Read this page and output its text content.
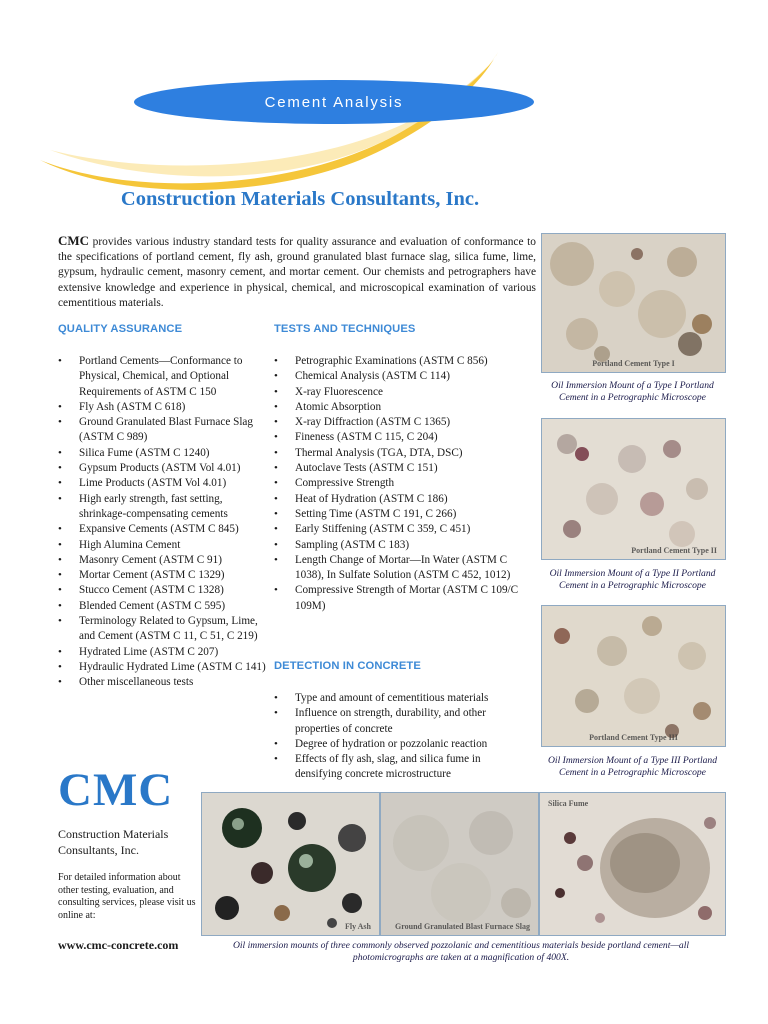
Cement Analysis
Construction Materials Consultants, Inc.
CMC provides various industry standard tests for quality assurance and evaluation of conformance to the specifications of portland cement, fly ash, ground granulated blast furnace slag, silica fume, lime, gypsum, hydraulic cement, masonry cement, and mortar cement. Our chemists and petrographers have extensive knowledge and experience in physical, chemical, and microscopical examination of various cementitious materials.
QUALITY ASSURANCE
• Portland Cements—Conformance to Physical, Chemical, and Optional Requirements of ASTM C 150
• Fly Ash (ASTM C 618)
• Ground Granulated Blast Furnace Slag (ASTM C 989)
• Silica Fume (ASTM C 1240)
• Gypsum Products (ASTM Vol 4.01)
• Lime Products (ASTM Vol 4.01)
• High early strength, fast setting, shrinkage-compensating cements
• Expansive Cements (ASTM C 845)
• High Alumina Cement
• Masonry Cement (ASTM C 91)
• Mortar Cement (ASTM C 1329)
• Stucco Cement (ASTM C 1328)
• Blended Cement (ASTM C 595)
• Terminology Related to Gypsum, Lime, and Cement (ASTM C 11, C 51, C 219)
• Hydrated Lime (ASTM C 207)
• Hydraulic Hydrated Lime (ASTM C 141)
• Other miscellaneous tests
TESTS AND TECHNIQUES
• Petrographic Examinations (ASTM C 856)
• Chemical Analysis (ASTM C 114)
• X-ray Fluorescence
• Atomic Absorption
• X-ray Diffraction (ASTM C 1365)
• Fineness (ASTM C 115, C 204)
• Thermal Analysis (TGA, DTA, DSC)
• Autoclave Tests (ASTM C 151)
• Compressive Strength
• Heat of Hydration (ASTM C 186)
• Setting Time (ASTM C 191, C 266)
• Early Stiffening (ASTM C 359, C 451)
• Sampling (ASTM C 183)
• Length Change of Mortar—In Water (ASTM C 1038), In Sulfate Solution (ASTM C 452, 1012)
• Compressive Strength of Mortar (ASTM C 109/C 109M)
DETECTION IN CONCRETE
• Type and amount of cementitious materials
• Influence on strength, durability, and other properties of concrete
• Degree of hydration or pozzolanic reaction
• Effects of fly ash, slag, and silica fume in densifying concrete microstructure
Portland Cement Type I
Oil Immersion Mount of a Type I Portland Cement in a Petrographic Microscope
Portland Cement Type II
Oil Immersion Mount of a Type II Portland Cement in a Petrographic Microscope
Portland Cement Type III
Oil Immersion Mount of a Type III Portland Cement in a Petrographic Microscope
Fly Ash	Ground Granulated Blast Furnace Slag
Silica Fume
CMC
Construction Materials Consultants, Inc.
For detailed information about other testing, evaluation, and consulting services, please visit us online at:
www.cmc-concrete.com	Oil immersion mounts of three commonly observed pozzolanic and cementitious materials beside portland cement—all photomicrographs are taken at a magnification of 400X.
